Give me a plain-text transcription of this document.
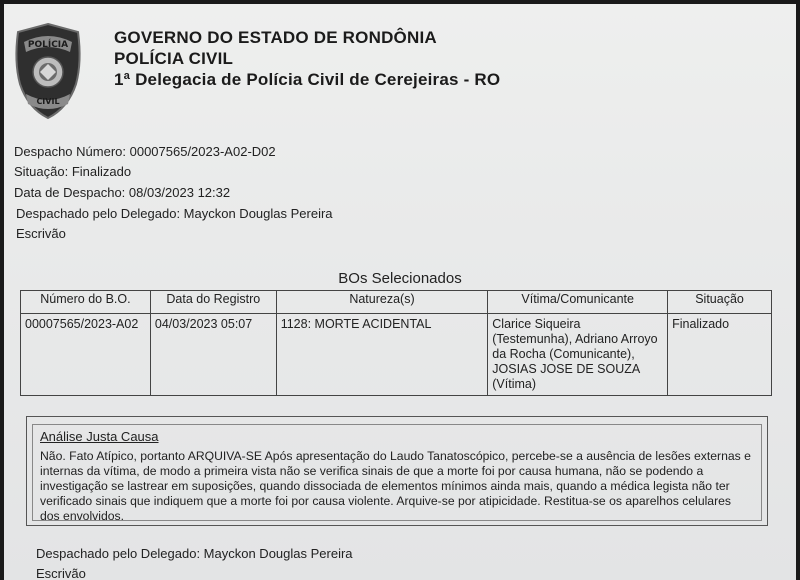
POLÍCIA
CIVIL
GOVERNO DO ESTADO DE RONDÔNIA
POLÍCIA CIVIL
1ª Delegacia de Polícia Civil de Cerejeiras - RO
Despacho Número: 00007565/2023-A02-D02
Situação: Finalizado
Data de Despacho: 08/03/2023 12:32
Despachado pelo Delegado: Mayckon Douglas Pereira
Escrivão
BOs Selecionados
Número do B.O.	Data do Registro	Natureza(s)	Vítima/Comunicante	Situação
00007565/2023-A02	04/03/2023 05:07	1128: MORTE ACIDENTAL	Clarice Siqueira (Testemunha), Adriano Arroyo da Rocha (Comunicante), JOSIAS JOSE DE SOUZA (Vítima)	Finalizado
Análise Justa Causa
Não. Fato Atípico, portanto ARQUIVA-SE Após apresentação do Laudo Tanatoscópico, percebe-se a ausência de lesões externas e internas da vítima, de modo a primeira vista não se verifica sinais de que a morte foi por causa humana, não se podendo a investigação se lastrear em suposições, quando dissociada de elementos mínimos ainda mais, quando a médica legista não ter verificado sinais que indiquem que a morte foi por causa violente. Arquive-se por atipicidade. Restitua-se os aparelhos celulares dos envolvidos.
Despachado pelo Delegado: Mayckon Douglas Pereira
Escrivão
